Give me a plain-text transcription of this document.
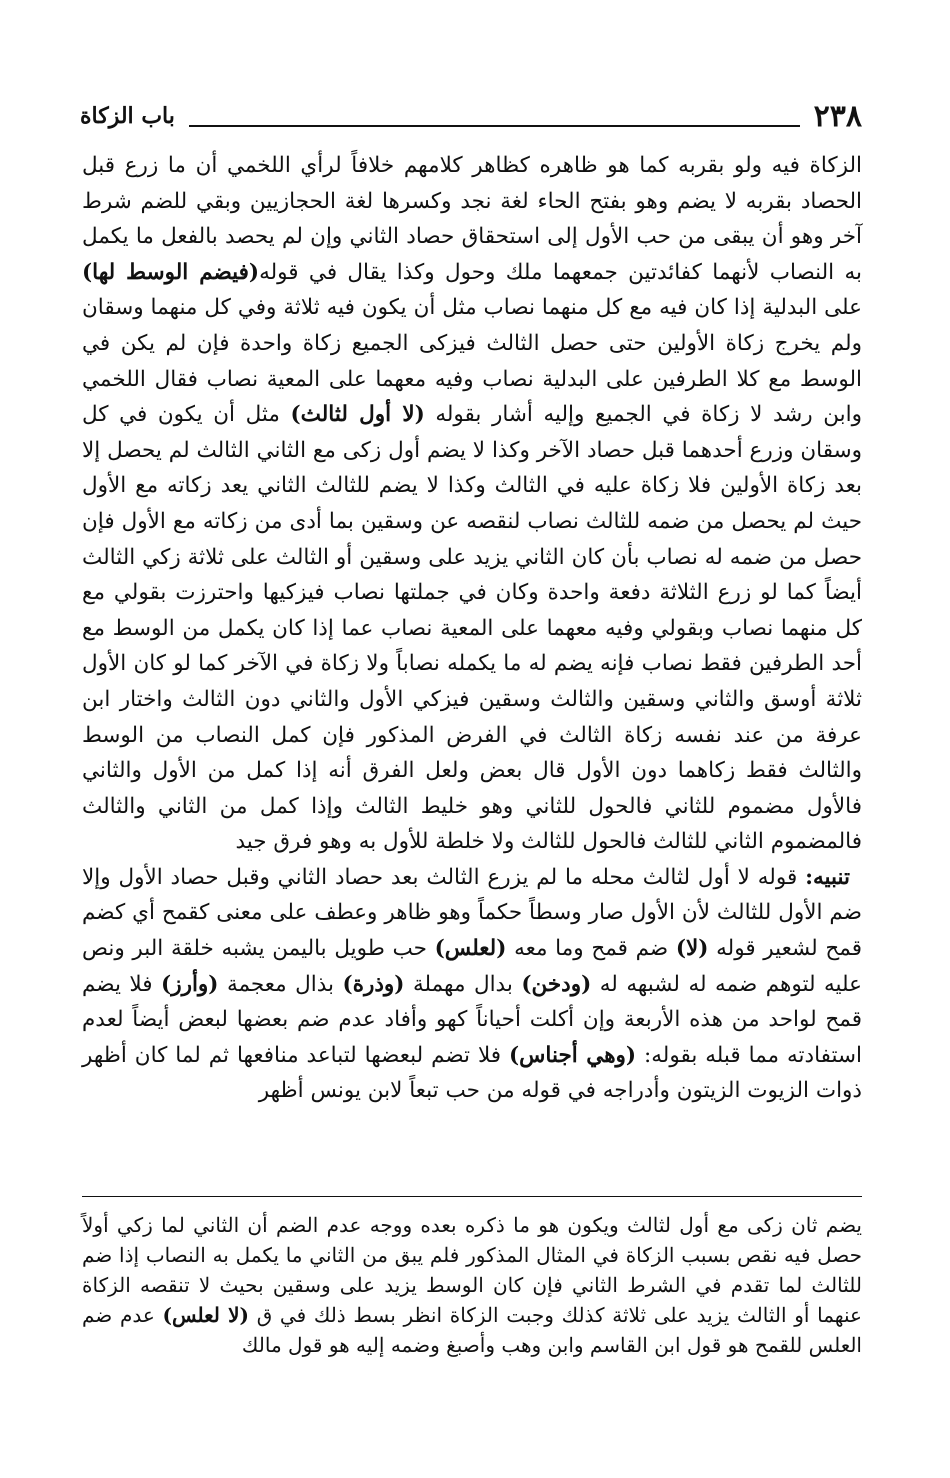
٢٣٨
باب الزكاة

الزكاة فيه ولو بقربه كما هو ظاهره كظاهر كلامهم خلافاً لرأي اللخمي أن ما زرع قبل الحصاد بقربه لا يضم وهو بفتح الحاء لغة نجد وكسرها لغة الحجازيين وبقي للضم شرط آخر وهو أن يبقى من حب الأول إلى استحقاق حصاد الثاني وإن لم يحصد بالفعل ما يكمل به النصاب لأنهما كفائدتين جمعهما ملك وحول وكذا يقال في قوله(فيضم الوسط لها) على البدلية إذا كان فيه مع كل منهما نصاب مثل أن يكون فيه ثلاثة وفي كل منهما وسقان ولم يخرج زكاة الأولين حتى حصل الثالث فيزكى الجميع زكاة واحدة فإن لم يكن في الوسط مع كلا الطرفين على البدلية نصاب وفيه معهما على المعية نصاب فقال اللخمي وابن رشد لا زكاة في الجميع وإليه أشار بقوله (لا أول لثالث) مثل أن يكون في كل وسقان وزرع أحدهما قبل حصاد الآخر وكذا لا يضم أول زكى مع الثاني الثالث لم يحصل إلا بعد زكاة الأولين فلا زكاة عليه في الثالث وكذا لا يضم للثالث الثاني يعد زكاته مع الأول حيث لم يحصل من ضمه للثالث نصاب لنقصه عن وسقين بما أدى من زكاته مع الأول فإن حصل من ضمه له نصاب بأن كان الثاني يزيد على وسقين أو الثالث على ثلاثة زكي الثالث أيضاً كما لو زرع الثلاثة دفعة واحدة وكان في جملتها نصاب فيزكيها واحترزت بقولي مع كل منهما نصاب وبقولي وفيه معهما على المعية نصاب عما إذا كان يكمل من الوسط مع أحد الطرفين فقط نصاب فإنه يضم له ما يكمله نصاباً ولا زكاة في الآخر كما لو كان الأول ثلاثة أوسق والثاني وسقين والثالث وسقين فيزكي الأول والثاني دون الثالث واختار ابن عرفة من عند نفسه زكاة الثالث في الفرض المذكور فإن كمل النصاب من الوسط والثالث فقط زكاهما دون الأول قال بعض ولعل الفرق أنه إذا كمل من الأول والثاني فالأول مضموم للثاني فالحول للثاني وهو خليط الثالث وإذا كمل من الثاني والثالث فالمضموم الثاني للثالث فالحول للثالث ولا خلطة للأول به وهو فرق جيد

تنبيه: قوله لا أول لثالث محله ما لم يزرع الثالث بعد حصاد الثاني وقبل حصاد الأول وإلا ضم الأول للثالث لأن الأول صار وسطاً حكماً وهو ظاهر وعطف على معنى كقمح أي كضم قمح لشعير قوله (لا) ضم قمح وما معه (لعلس) حب طويل باليمن يشبه خلقة البر ونص عليه لتوهم ضمه له لشبهه له (ودخن) بدال مهملة (وذرة) بذال معجمة (وأرز) فلا يضم قمح لواحد من هذه الأربعة وإن أكلت أحياناً كهو وأفاد عدم ضم بعضها لبعض أيضاً لعدم استفادته مما قبله بقوله: (وهي أجناس) فلا تضم لبعضها لتباعد منافعها ثم لما كان أظهر ذوات الزيوت الزيتون وأدراجه في قوله من حب تبعاً لابن يونس أظهر

يضم ثان زكى مع أول لثالث ويكون هو ما ذكره بعده ووجه عدم الضم أن الثاني لما زكي أولاً حصل فيه نقص بسبب الزكاة في المثال المذكور فلم يبق من الثاني ما يكمل به النصاب إذا ضم للثالث لما تقدم في الشرط الثاني فإن كان الوسط يزيد على وسقين بحيث لا تنقصه الزكاة عنهما أو الثالث يزيد على ثلاثة كذلك وجبت الزكاة انظر بسط ذلك في ق (لا لعلس) عدم ضم العلس للقمح هو قول ابن القاسم وابن وهب وأصبغ وضمه إليه هو قول مالك
